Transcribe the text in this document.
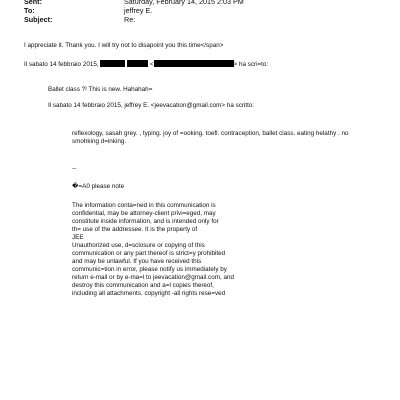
Sent:	Saturday, February 14, 2015 2:03 PM
To:	jeffrey E.
Subject:	Re:
I appreciate it. Thank you. I will try not to disapoint you this time</span>
Il sabato 14 febbraio 2015,	<	> ha scri=to:
Ballet class ?! This is new. Hahahah=
Il sabato 14 febbraio 2015, jeffrey E. <jeevacation@gmail.com> ha scritto:
reflexology, sasah grey. , typing. joy of =ooking. toefl. contraception, ballet class. eating helathy . no
smohking d=inking.
--
�=A0 please note
The information conta=ned in this communication is
confidential, may be attorney-client privi=eged, may
constitute inside information, and is intended only for
th= use of the addressee. It is the property of
JEE
Unauthorized use, d=sclosure or copying of this
communication or any part thereof is strict=y prohibited
and may be unlawful. If you have received this
communic=tion in error, please notify us immediately by
return e-mail or by e-ma=l to jeevacation@gmail.com, and
destroy this communication and a=l copies thereof,
including all attachments. copyright -all rights rese=ved
